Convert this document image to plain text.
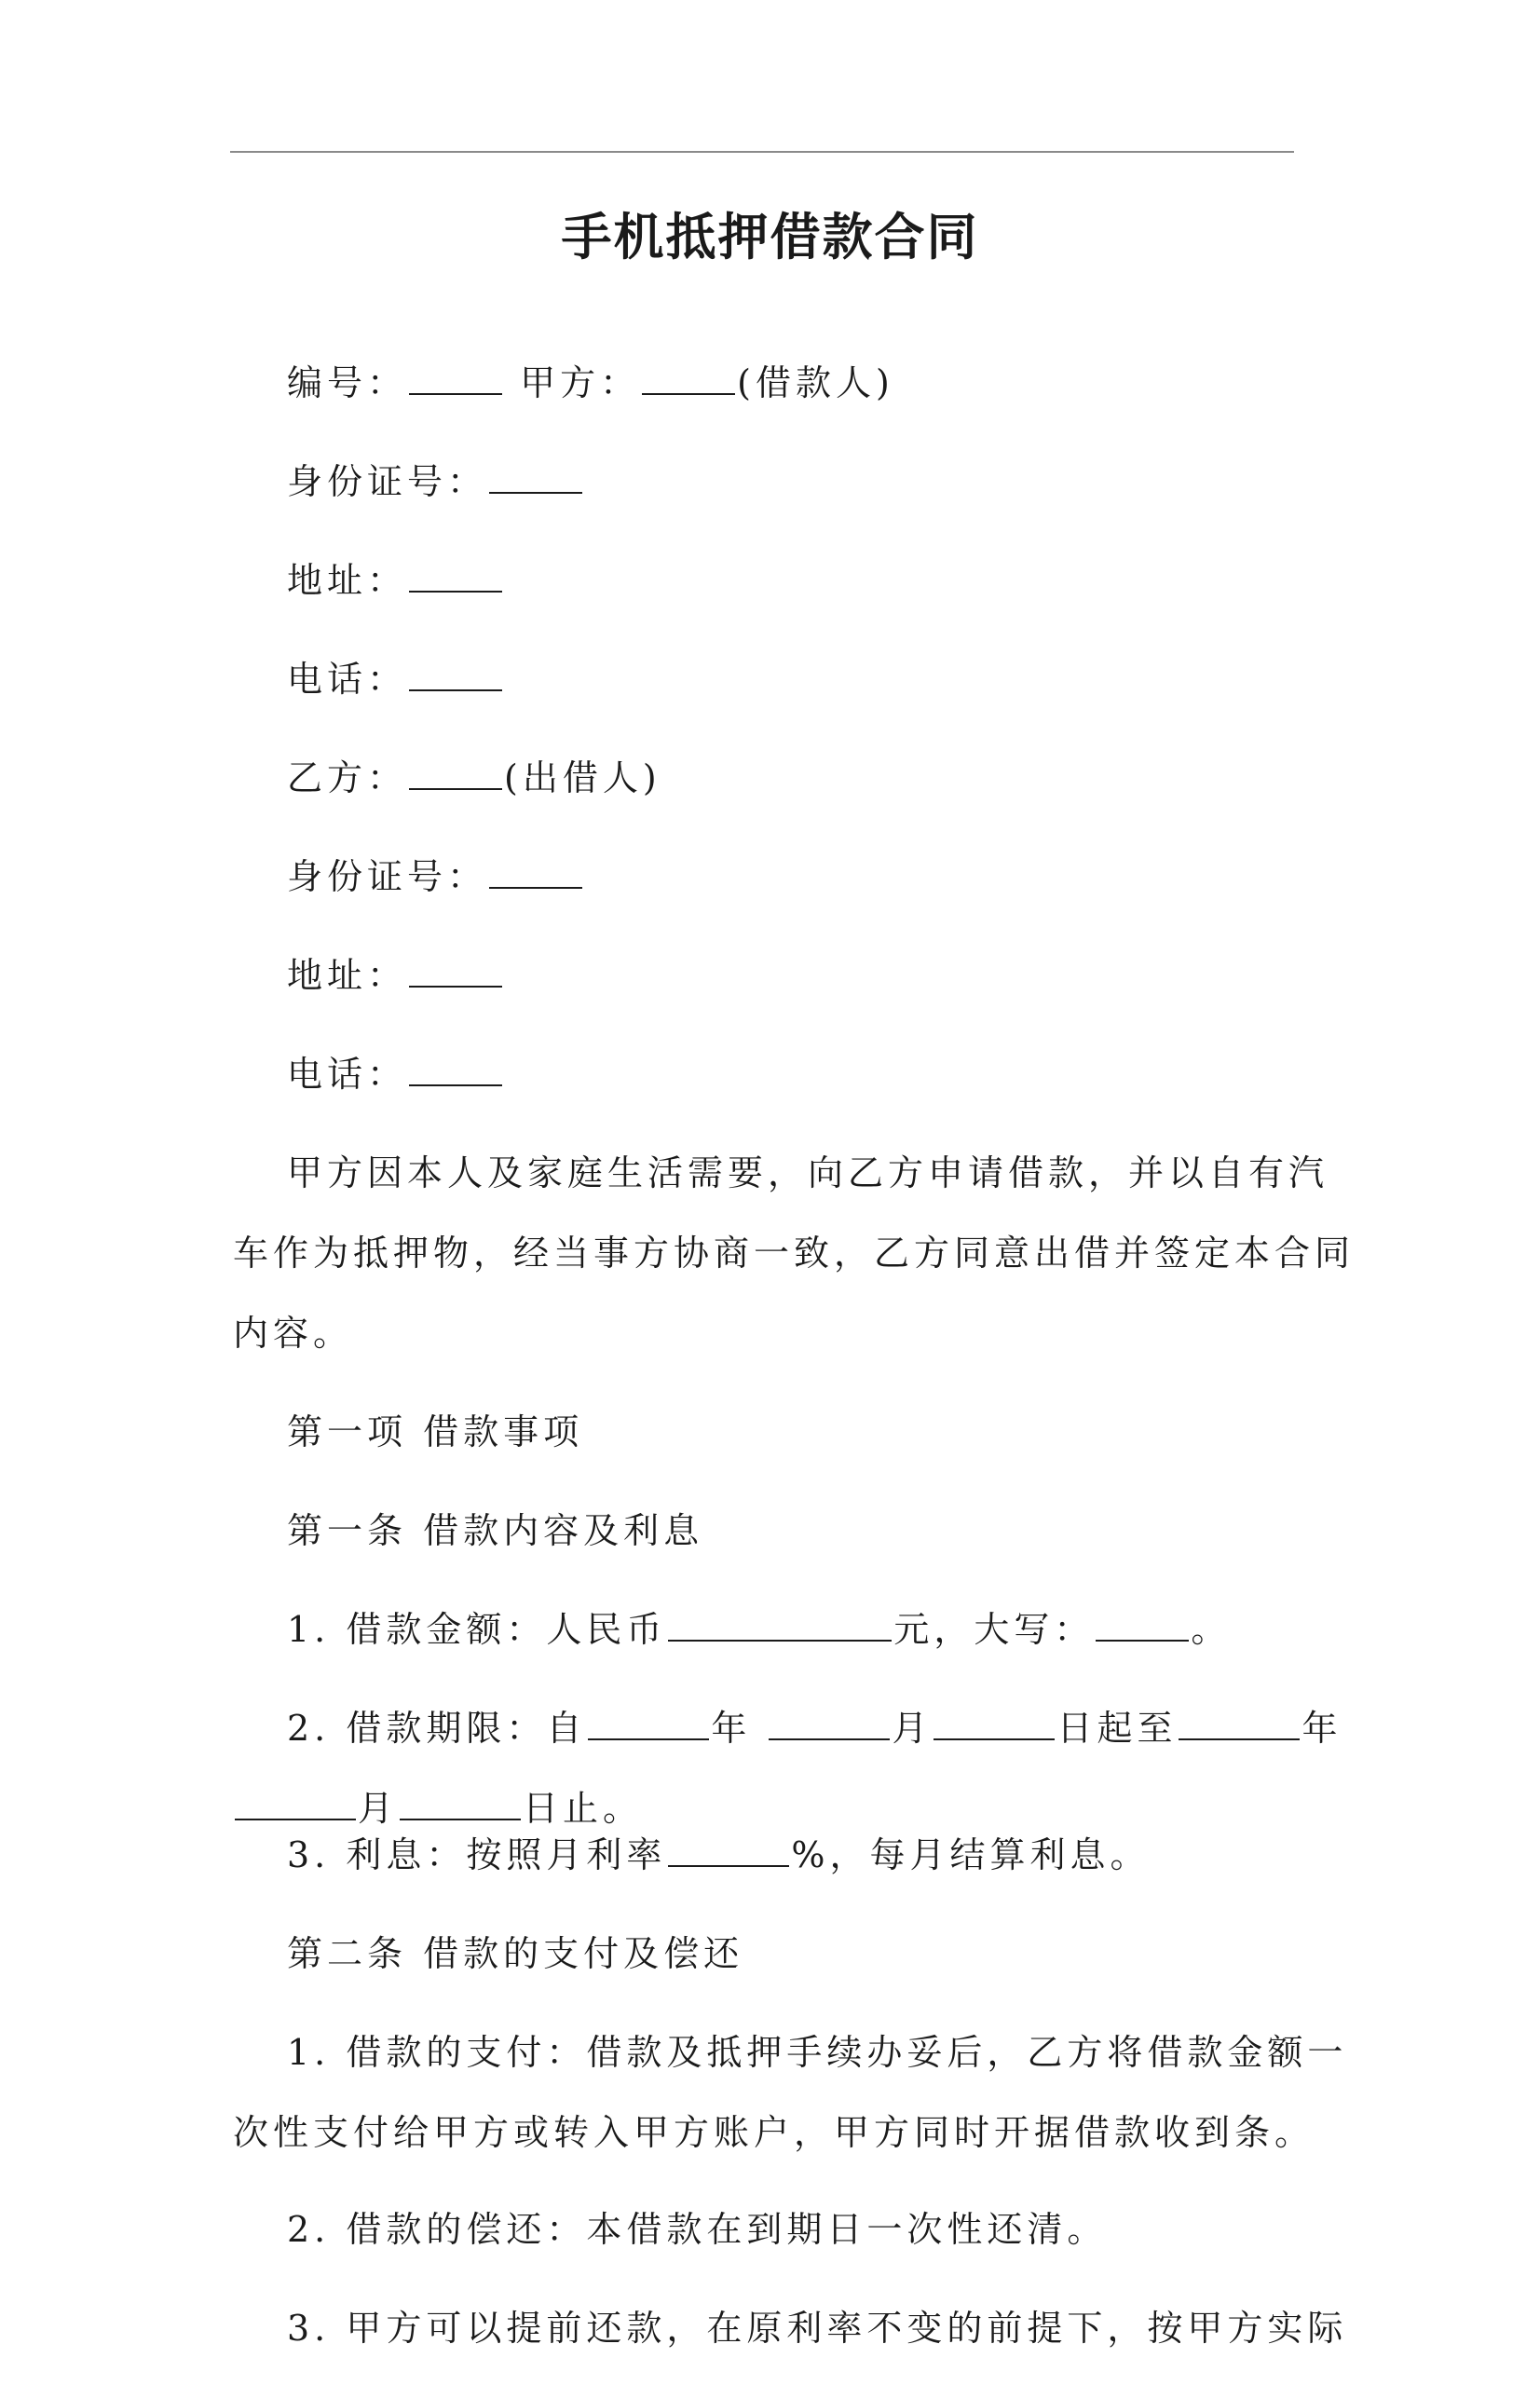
手机抵押借款合同
编号：	甲方：	(借款人)
身份证号：
地址：
电话：
乙方：	(出借人)
身份证号：
地址：
电话：
甲方因本人及家庭生活需要，向乙方申请借款，并以自有汽
车作为抵押物，经当事方协商一致，乙方同意出借并签定本合同
内容。
第一项 借款事项
第一条 借款内容及利息
1. 借款金额：人民币	元，大写：	。
2. 借款期限：自	年	月	日起至	年
月	日止。
3. 利息：按照月利率	%，每月结算利息。
第二条 借款的支付及偿还
1. 借款的支付：借款及抵押手续办妥后，乙方将借款金额一
次性支付给甲方或转入甲方账户，甲方同时开据借款收到条。
2. 借款的偿还：本借款在到期日一次性还清。
3. 甲方可以提前还款，在原利率不变的前提下，按甲方实际
